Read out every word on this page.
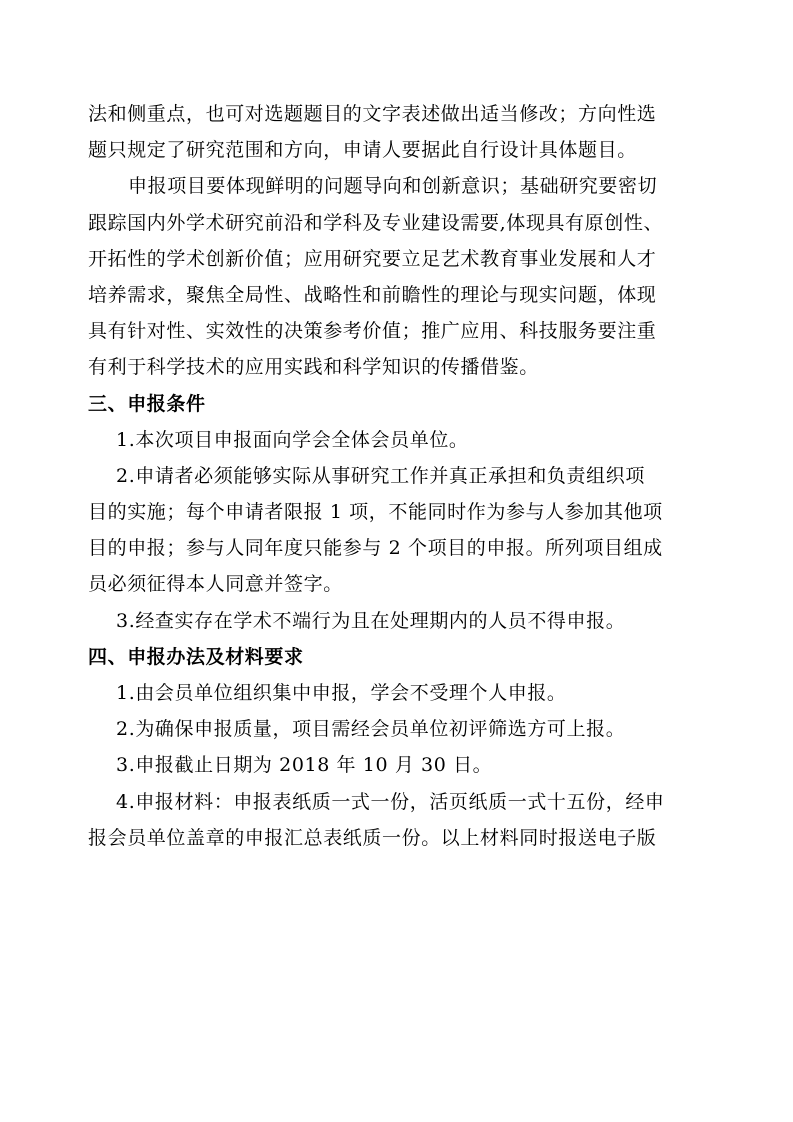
法和侧重点，也可对选题题目的文字表述做出适当修改；方向性选
题只规定了研究范围和方向，申请人要据此自行设计具体题目。
申报项目要体现鲜明的问题导向和创新意识；基础研究要密切
跟踪国内外学术研究前沿和学科及专业建设需要,体现具有原创性、
开拓性的学术创新价值；应用研究要立足艺术教育事业发展和人才
培养需求，聚焦全局性、战略性和前瞻性的理论与现实问题，体现
具有针对性、实效性的决策参考价值；推广应用、科技服务要注重
有利于科学技术的应用实践和科学知识的传播借鉴。
三、申报条件
1.本次项目申报面向学会全体会员单位。
2.申请者必须能够实际从事研究工作并真正承担和负责组织项
目的实施；每个申请者限报 1 项，不能同时作为参与人参加其他项
目的申报；参与人同年度只能参与 2 个项目的申报。所列项目组成
员必须征得本人同意并签字。
3.经查实存在学术不端行为且在处理期内的人员不得申报。
四、申报办法及材料要求
1.由会员单位组织集中申报，学会不受理个人申报。
2.为确保申报质量，项目需经会员单位初评筛选方可上报。
3.申报截止日期为 2018 年 10 月 30 日。
4.申报材料：申报表纸质一式一份，活页纸质一式十五份，经申
报会员单位盖章的申报汇总表纸质一份。以上材料同时报送电子版
